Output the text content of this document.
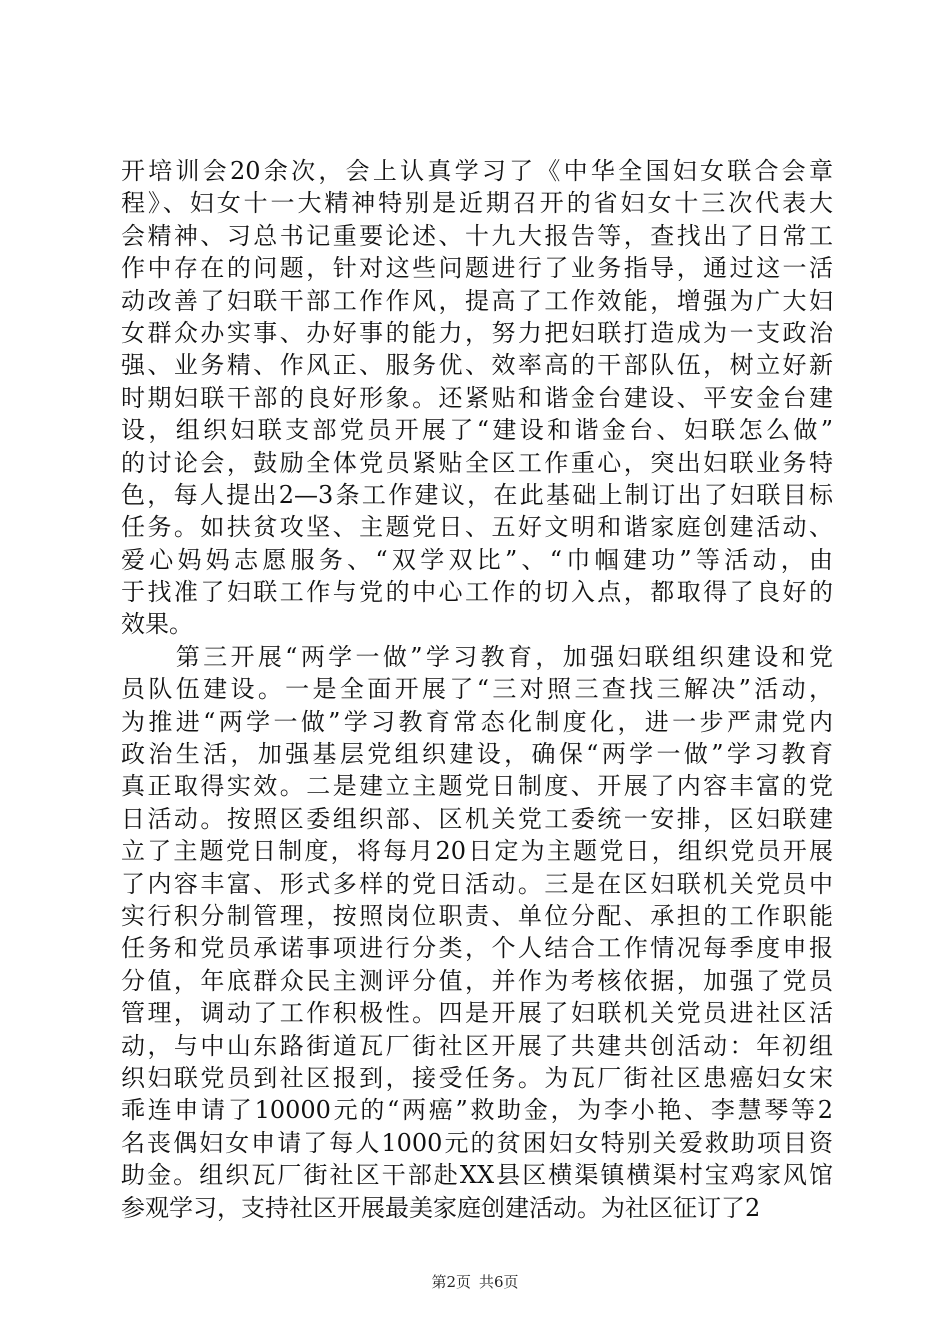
开培训会20余次，会上认真学习了《中华全国妇女联合会章
程》、妇女十一大精神特别是近期召开的省妇女十三次代表大
会精神、习总书记重要论述、十九大报告等，查找出了日常工
作中存在的问题，针对这些问题进行了业务指导，通过这一活
动改善了妇联干部工作作风，提高了工作效能，增强为广大妇
女群众办实事、办好事的能力，努力把妇联打造成为一支政治
强、业务精、作风正、服务优、效率高的干部队伍，树立好新
时期妇联干部的良好形象。还紧贴和谐金台建设、平安金台建
设，组织妇联支部党员开展了“建设和谐金台、妇联怎么做”
的讨论会，鼓励全体党员紧贴全区工作重心，突出妇联业务特
色，每人提出2—3条工作建议，在此基础上制订出了妇联目标
任务。如扶贫攻坚、主题党日、五好文明和谐家庭创建活动、
爱心妈妈志愿服务、“双学双比”、“巾帼建功”等活动，由
于找准了妇联工作与党的中心工作的切入点，都取得了良好的
效果。
　　第三开展“两学一做”学习教育，加强妇联组织建设和党
员队伍建设。一是全面开展了“三对照三查找三解决”活动，
为推进“两学一做”学习教育常态化制度化，进一步严肃党内
政治生活，加强基层党组织建设，确保“两学一做”学习教育
真正取得实效。二是建立主题党日制度、开展了内容丰富的党
日活动。按照区委组织部、区机关党工委统一安排，区妇联建
立了主题党日制度，将每月20日定为主题党日，组织党员开展
了内容丰富、形式多样的党日活动。三是在区妇联机关党员中
实行积分制管理，按照岗位职责、单位分配、承担的工作职能
任务和党员承诺事项进行分类，个人结合工作情况每季度申报
分值，年底群众民主测评分值，并作为考核依据，加强了党员
管理，调动了工作积极性。四是开展了妇联机关党员进社区活
动，与中山东路街道瓦厂街社区开展了共建共创活动：年初组
织妇联党员到社区报到，接受任务。为瓦厂街社区患癌妇女宋
乖连申请了10000元的“两癌”救助金，为李小艳、李慧琴等2
名丧偶妇女申请了每人1000元的贫困妇女特别关爱救助项目资
助金。组织瓦厂街社区干部赴XX县区横渠镇横渠村宝鸡家风馆
参观学习，支持社区开展最美家庭创建活动。为社区征订了2
第2页 共6页
